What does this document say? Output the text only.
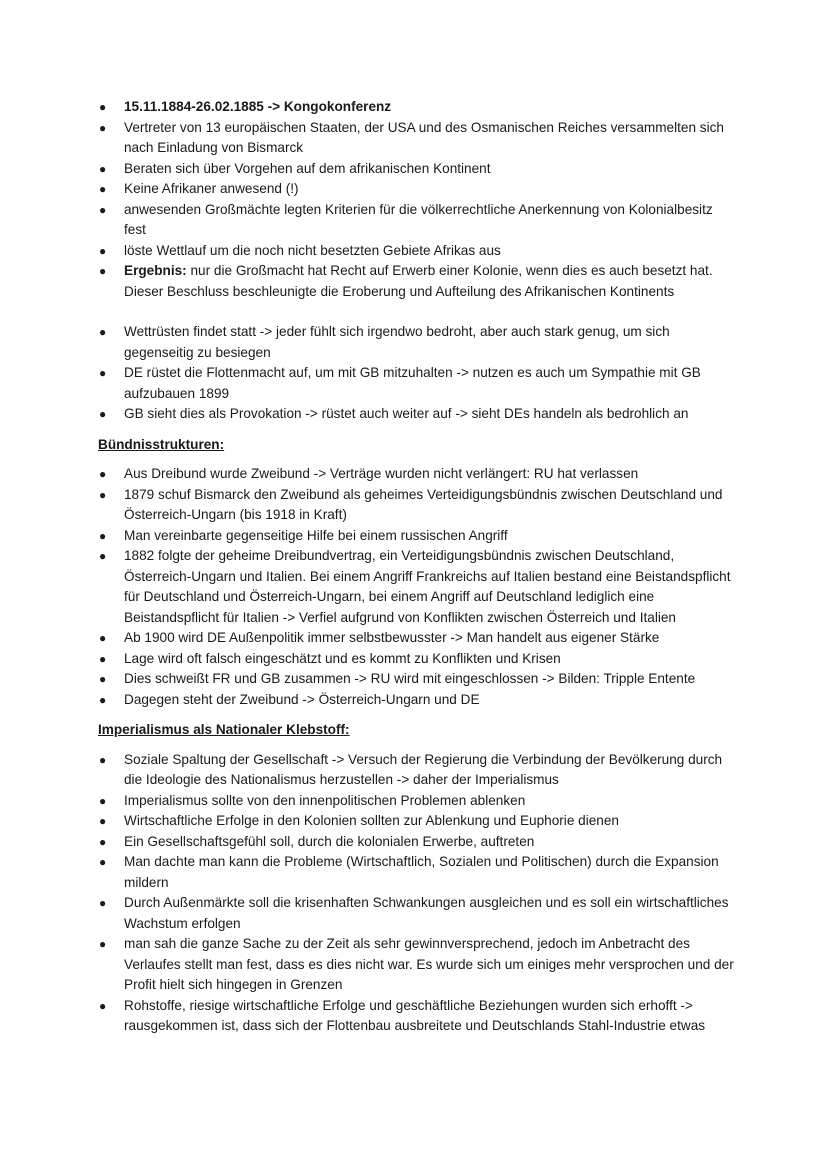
● 15.11.1884-26.02.1885 -> Kongokonferenz
● Vertreter von 13 europäischen Staaten, der USA und des Osmanischen Reiches versammelten sich nach Einladung von Bismarck
● Beraten sich über Vorgehen auf dem afrikanischen Kontinent
● Keine Afrikaner anwesend (!)
● anwesenden Großmächte legten Kriterien für die völkerrechtliche Anerkennung von Kolonialbesitz fest
● löste Wettlauf um die noch nicht besetzten Gebiete Afrikas aus
● Ergebnis: nur die Großmacht hat Recht auf Erwerb einer Kolonie, wenn dies es auch besetzt hat. Dieser Beschluss beschleunigte die Eroberung und Aufteilung des Afrikanischen Kontinents
● Wettrüsten findet statt -> jeder fühlt sich irgendwo bedroht, aber auch stark genug, um sich gegenseitig zu besiegen
● DE rüstet die Flottenmacht auf, um mit GB mitzuhalten -> nutzen es auch um Sympathie mit GB aufzubauen 1899
● GB sieht dies als Provokation -> rüstet auch weiter auf -> sieht DEs handeln als bedrohlich an
Bündnisstrukturen:
● Aus Dreibund wurde Zweibund -> Verträge wurden nicht verlängert: RU hat verlassen
● 1879 schuf Bismarck den Zweibund als geheimes Verteidigungsbündnis zwischen Deutschland und Österreich-Ungarn (bis 1918 in Kraft)
● Man vereinbarte gegenseitige Hilfe bei einem russischen Angriff
● 1882 folgte der geheime Dreibundvertrag, ein Verteidigungsbündnis zwischen Deutschland, Österreich-Ungarn und Italien. Bei einem Angriff Frankreichs auf Italien bestand eine Beistandspflicht für Deutschland und Österreich-Ungarn, bei einem Angriff auf Deutschland lediglich eine Beistandspflicht für Italien -> Verfiel aufgrund von Konflikten zwischen Österreich und Italien
● Ab 1900 wird DE Außenpolitik immer selbstbewusster -> Man handelt aus eigener Stärke
● Lage wird oft falsch eingeschätzt und es kommt zu Konflikten und Krisen
● Dies schweißt FR und GB zusammen -> RU wird mit eingeschlossen -> Bilden: Tripple Entente
● Dagegen steht der Zweibund -> Österreich-Ungarn und DE
Imperialismus als Nationaler Klebstoff:
● Soziale Spaltung der Gesellschaft -> Versuch der Regierung die Verbindung der Bevölkerung durch die Ideologie des Nationalismus herzustellen -> daher der Imperialismus
● Imperialismus sollte von den innenpolitischen Problemen ablenken
● Wirtschaftliche Erfolge in den Kolonien sollten zur Ablenkung und Euphorie dienen
● Ein Gesellschaftsgefühl soll, durch die kolonialen Erwerbe, auftreten
● Man dachte man kann die Probleme (Wirtschaftlich, Sozialen und Politischen) durch die Expansion mildern
● Durch Außenmärkte soll die krisenhaften Schwankungen ausgleichen und es soll ein wirtschaftliches Wachstum erfolgen
● man sah die ganze Sache zu der Zeit als sehr gewinnversprechend, jedoch im Anbetracht des Verlaufes stellt man fest, dass es dies nicht war. Es wurde sich um einiges mehr versprochen und der Profit hielt sich hingegen in Grenzen
● Rohstoffe, riesige wirtschaftliche Erfolge und geschäftliche Beziehungen wurden sich erhofft -> rausgekommen ist, dass sich der Flottenbau ausbreitete und Deutschlands Stahl-Industrie etwas
